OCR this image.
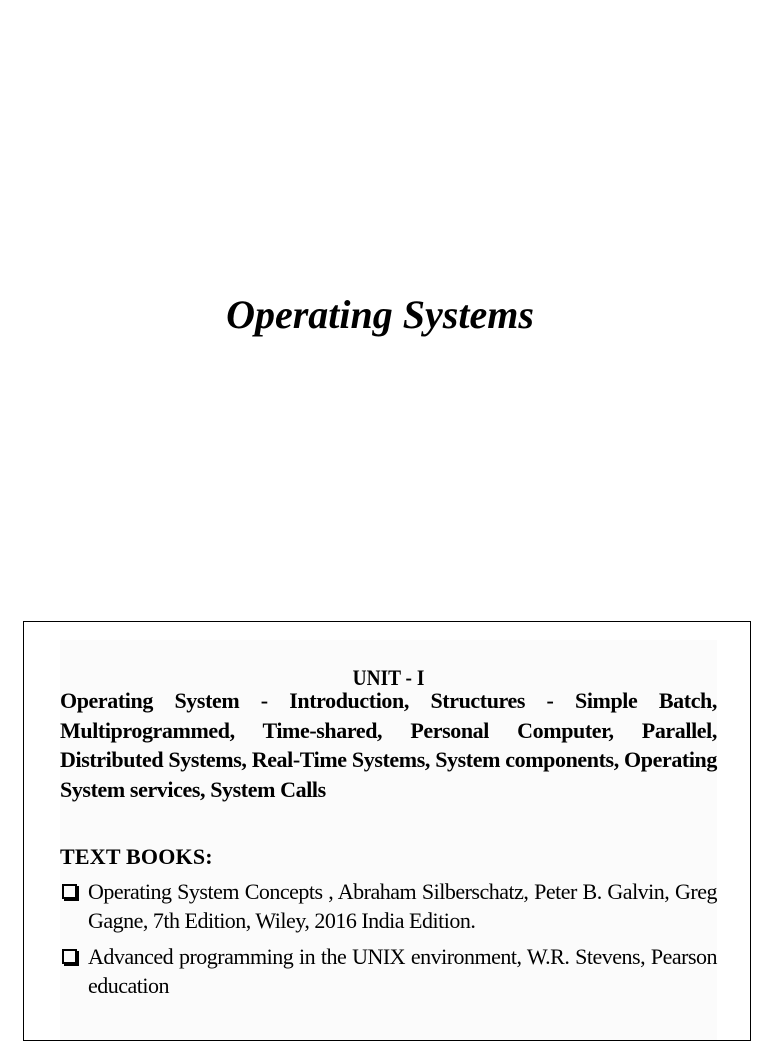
Operating Systems
UNIT - I
Operating System - Introduction, Structures - Simple Batch, Multiprogrammed, Time-shared, Personal Computer, Parallel, Distributed Systems, Real-Time Systems, System components, Operating System services, System Calls
TEXT BOOKS:
Operating System Concepts , Abraham Silberschatz, Peter B. Galvin, Greg Gagne, 7th Edition, Wiley, 2016 India Edition.
Advanced programming in the UNIX environment, W.R. Stevens, Pearson education
